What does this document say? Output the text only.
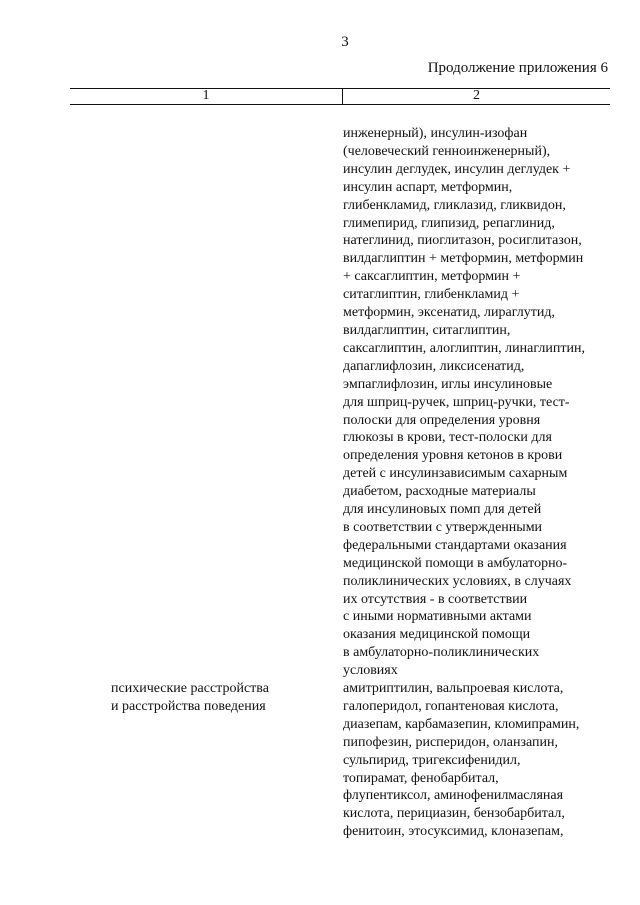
3
Продолжение приложения 6
1	2
инженерный), инсулин-изофан
(человеческий генноинженерный),
инсулин деглудек, инсулин деглудек +
инсулин аспарт, метформин,
глибенкламид, гликлазид, гликвидон,
глимепирид, глипизид, репаглинид,
натеглинид, пиоглитазон, росиглитазон,
вилдаглиптин + метформин, метформин
+ саксаглиптин, метформин +
ситаглиптин, глибенкламид +
метформин, эксенатид, лираглутид,
вилдаглиптин, ситаглиптин,
саксаглиптин, алоглиптин, линаглиптин,
дапаглифлозин, ликсисенатид,
эмпаглифлозин, иглы инсулиновые
для шприц-ручек, шприц-ручки, тест-
полоски для определения уровня
глюкозы в крови, тест-полоски для
определения уровня кетонов в крови
детей с инсулинзависимым сахарным
диабетом, расходные материалы
для инсулиновых помп для детей
в соответствии с утвержденными
федеральными стандартами оказания
медицинской помощи в амбулаторно-
поликлинических условиях, в случаях
их отсутствия - в соответствии
с иными нормативными актами
оказания медицинской помощи
в амбулаторно-поликлинических
условиях
психические расстройства
и расстройства поведения
амитриптилин, вальпроевая кислота,
галоперидол, гопантеновая кислота,
диазепам, карбамазепин, кломипрамин,
пипофезин, рисперидон, оланзапин,
сульпирид, тригексифенидил,
топирамат, фенобарбитал,
флупентиксол, аминофенилмасляная
кислота, перициазин, бензобарбитал,
фенитоин, этосуксимид, клоназепам,
